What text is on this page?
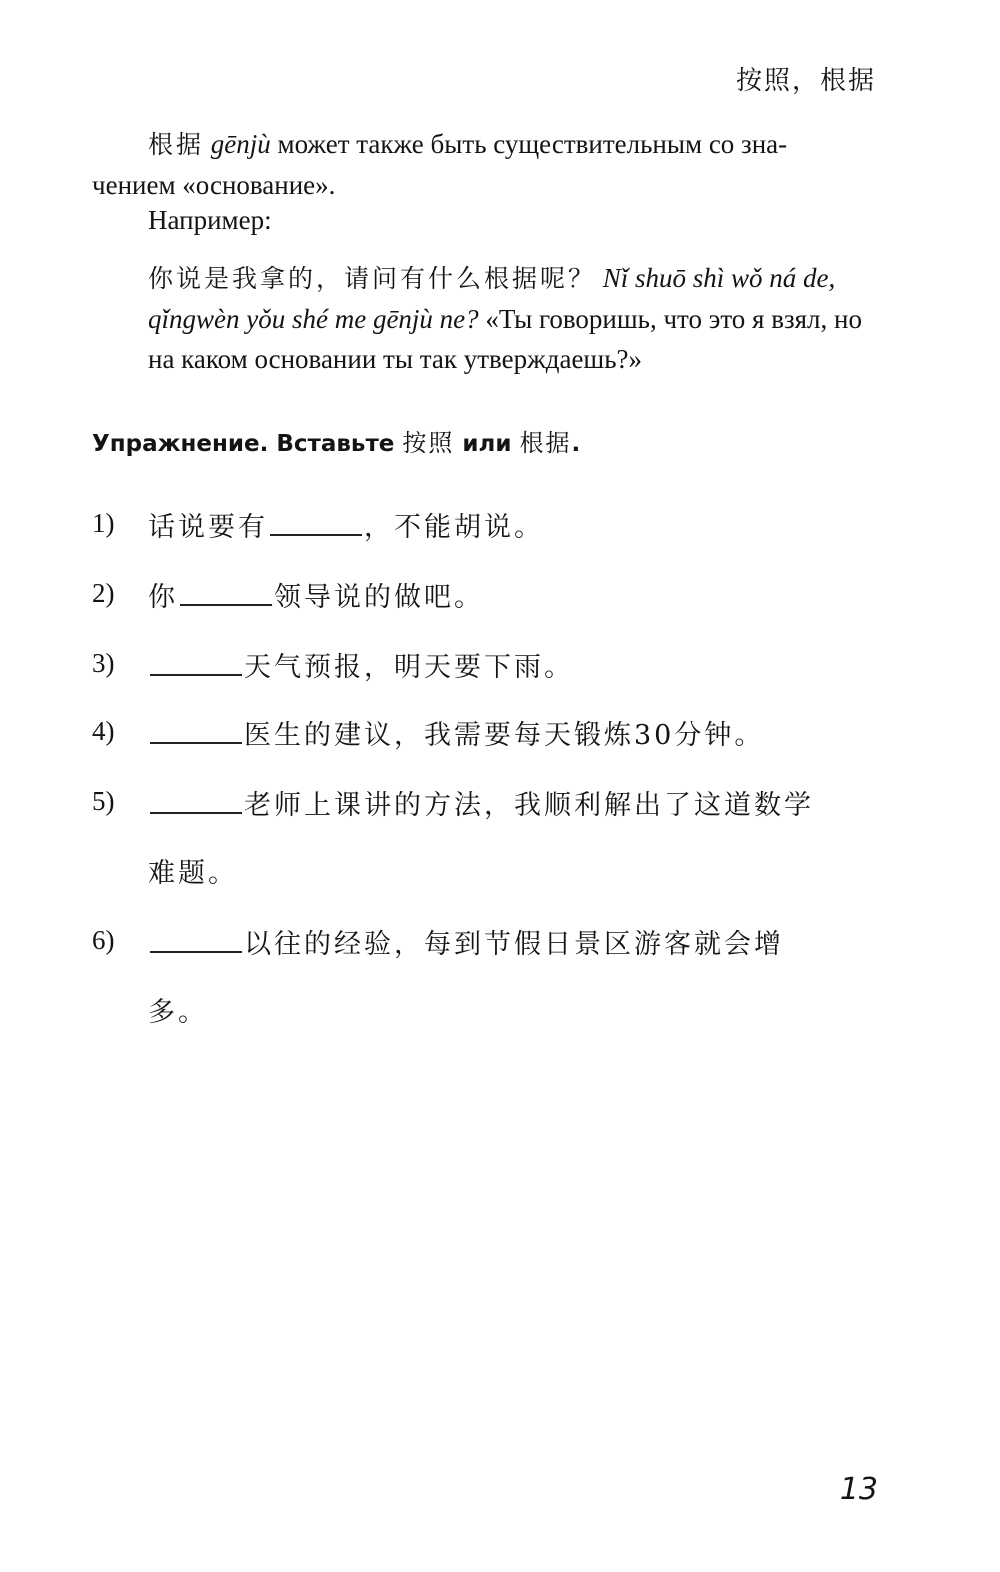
按照，根据
根据 gēnjù может также быть существительным со зна-
чением «основание».
Например:
你说是我拿的，请问有什么根据呢？ Nǐ shuō shì wǒ ná de, qǐngwèn yǒu shé me gēnjù ne? «Ты говоришь, что это я взял, но на каком основании ты так утверждаешь?»
Упражнение. Вставьте 按照 или 根据.
1) 话说要有	，不能胡说。
2) 你	领导说的做吧。
3)	天气预报，明天要下雨。
4)	医生的建议，我需要每天锻炼30分钟。
5)	老师上课讲的方法，我顺利解出了这道数学
难题。
6)	以往的经验，每到节假日景区游客就会增
多。
13
